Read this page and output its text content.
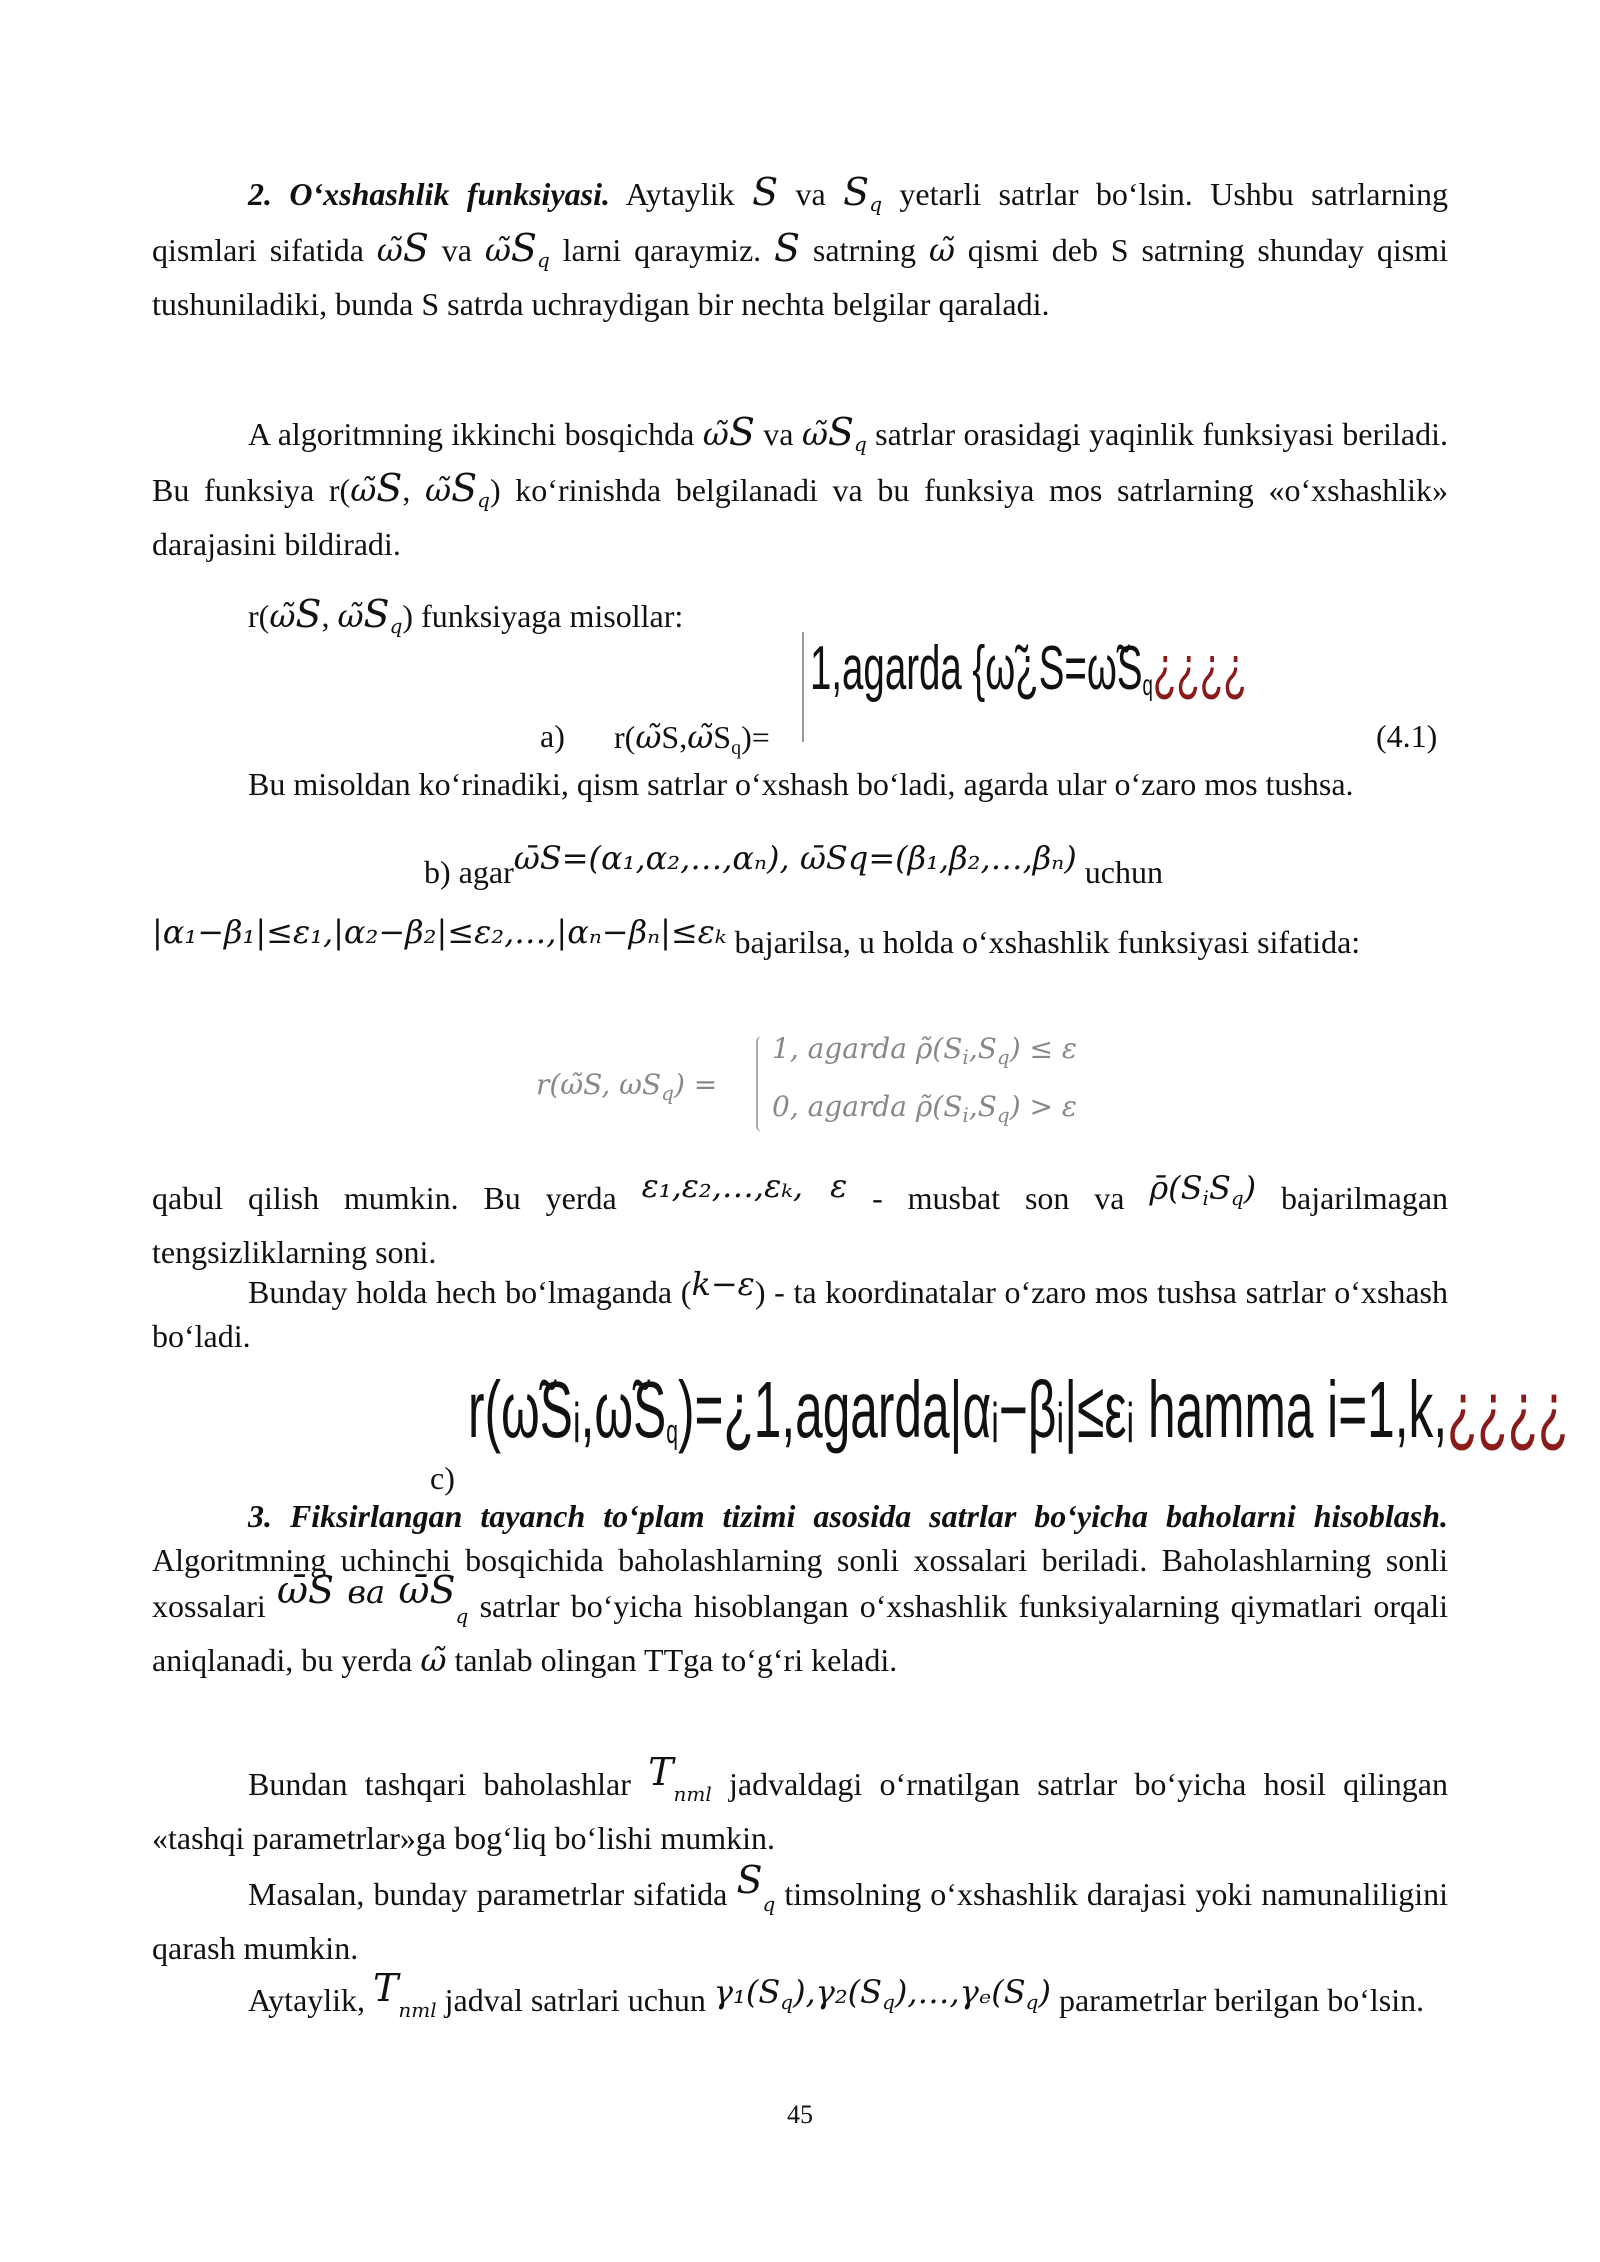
2. O‘xshashlik funksiyasi. Aytaylik S va $S_q$ yetarli satrlar bo‘lsin. Ushbu satrlarning qismlari sifatida ω̃S va $\omegãS_q$ larni qaraymiz. S satrning ω̃ qismi deb S satrning shunday qismi tushuniladiki, bunda S satrda uchraydigan bir nechta belgilar qaraladi.
A algoritmning ikkinchi bosqichda ω̃S va $\omegãS_q$ satrlar orasidagi yaqinlik funksiyasi beriladi. Bu funksiya r(ω̃S, $\omegãS_q$) ko‘rinishda belgilanadi va bu funksiya mos satrlarning «o‘xshashlik» darajasini bildiradi.
r(ω̃S, $\omegãS_q$) funksiyaga misollar:
a) $r(\omegãS,\omegãS_q)=$
1,agarda {$\omegã¿S=\omegãS_q¿¿¿¿$
(4.1)
Bu misoldan ko‘rinadiki, qism satrlar o‘xshash bo‘ladi, agarda ular o‘zaro mos tushsa.
b) agarω̄S=(α₁,α₂,…,αₙ), ω̄Sq=(β₁,β₂,…,βₙ) uchun
|α₁−β₁|≤ε₁,|α₂−β₂|≤ε₂,…,|αₙ−βₙ|≤εₖ bajarilsa, u holda o‘xshashlik funksiyasi sifatida:
r(ω̃S, $\omega S_q$) =
1, agarda $\rhõ(S_i,S_q) \le \varepsilon$
0, agarda $\rhõ(S_i,S_q) > \varepsilon$
qabul qilish mumkin. Bu yerda ε₁,ε₂,…,εₖ, ε - musbat son va $\rhō(S_iS_q)$ bajarilmagan tengsizliklarning soni.
Bunday holda hech bo‘lmaganda (k−ε) - ta koordinatalar o‘zaro mos tushsa satrlar o‘xshash bo‘ladi.
c)
$r(\omegãSᵢ,\omegãS_q)=¿1,agarda|\alpha ᵢ-\beta ᵢ|\le\varepsilon ᵢ$ hamma i=1,k,¿¿¿¿
3. Fiksirlangan tayanch to‘plam tizimi asosida satrlar bo‘yicha baholarni hisoblash. Algoritmning uchinchi bosqichida baholashlarning sonli xossalari beriladi. Baholashlarning sonli xossalari ω̄S ва $\omegāS_q$ satrlar bo‘yicha hisoblangan o‘xshashlik funksiyalarning qiymatlari orqali aniqlanadi, bu yerda ω̃ tanlab olingan TTga to‘g‘ri keladi.
Bundan tashqari baholashlar $T_{nml}$ jadvaldagi o‘rnatilgan satrlar bo‘yicha hosil qilingan «tashqi parametrlar»ga bog‘liq bo‘lishi mumkin.
Masalan, bunday parametrlar sifatida $S_q$ timsolning o‘xshashlik darajasi yoki namunaliligini qarash mumkin.
Aytaylik, $T_{nml}$ jadval satrlari uchun $\gamma_1(S_q),\gamma_2(S_q),\dots,\gamma_e(S_q)$ parametrlar berilgan bo‘lsin.
45
